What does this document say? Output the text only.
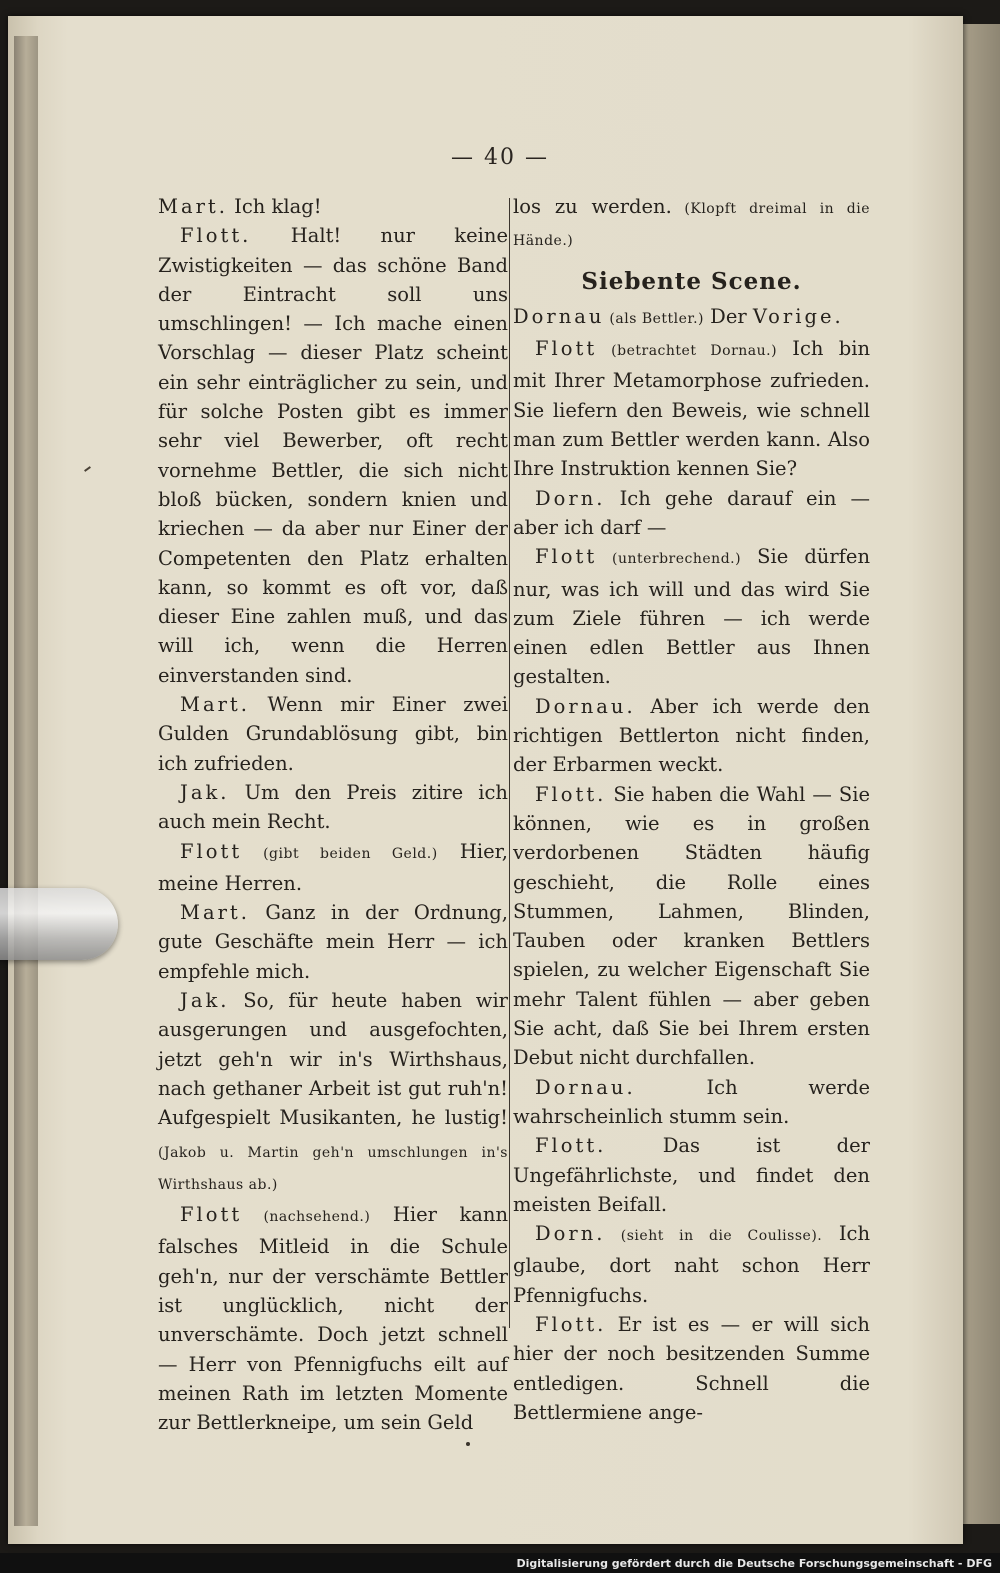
— 40 —

Mart. Ich klag!

Flott. Halt! nur keine Zwistigkeiten — das schöne Band der Eintracht soll uns umschlingen! — Ich mache einen Vorschlag — dieser Platz scheint ein sehr einträglicher zu sein, und für solche Posten gibt es immer sehr viel Bewerber, oft recht vornehme Bettler, die sich nicht bloß bücken, sondern knien und kriechen — da aber nur Einer der Competenten den Platz erhalten kann, so kommt es oft vor, daß dieser Eine zahlen muß, und das will ich, wenn die Herren einverstanden sind.

Mart. Wenn mir Einer zwei Gulden Grundablösung gibt, bin ich zufrieden.

Jak. Um den Preis zitire ich auch mein Recht.

Flott (gibt beiden Geld.) Hier, meine Herren.

Mart. Ganz in der Ordnung, gute Geschäfte mein Herr — ich empfehle mich.

Jak. So, für heute haben wir ausgerungen und ausgefochten, jetzt geh'n wir in's Wirthshaus, nach gethaner Arbeit ist gut ruh'n! Aufgespielt Musikanten, he lustig! (Jakob u. Martin geh'n umschlungen in's Wirthshaus ab.)

Flott (nachsehend.) Hier kann falsches Mitleid in die Schule geh'n, nur der verschämte Bettler ist unglücklich, nicht der unverschämte. Doch jetzt schnell — Herr von Pfennigfuchs eilt auf meinen Rath im letzten Momente zur Bettlerkneipe, um sein Geld

los zu werden. (Klopft dreimal in die Hände.)

Siebente Scene.

Dornau (als Bettler.) Der Vorige.

Flott (betrachtet Dornau.) Ich bin mit Ihrer Metamorphose zufrieden. Sie liefern den Beweis, wie schnell man zum Bettler werden kann. Also Ihre Instruktion kennen Sie?

Dorn. Ich gehe darauf ein — aber ich darf —

Flott (unterbrechend.) Sie dürfen nur, was ich will und das wird Sie zum Ziele führen — ich werde einen edlen Bettler aus Ihnen gestalten.

Dornau. Aber ich werde den richtigen Bettlerton nicht finden, der Erbarmen weckt.

Flott. Sie haben die Wahl — Sie können, wie es in großen verdorbenen Städten häufig geschieht, die Rolle eines Stummen, Lahmen, Blinden, Tauben oder kranken Bettlers spielen, zu welcher Eigenschaft Sie mehr Talent fühlen — aber geben Sie acht, daß Sie bei Ihrem ersten Debut nicht durchfallen.

Dornau. Ich werde wahrscheinlich stumm sein.

Flott. Das ist der Ungefährlichste, und findet den meisten Beifall.

Dorn. (sieht in die Coulisse). Ich glaube, dort naht schon Herr Pfennigfuchs.

Flott. Er ist es — er will sich hier der noch besitzenden Summe entledigen. Schnell die Bettlermiene ange-

Digitalisierung gefördert durch die Deutsche Forschungsgemeinschaft - DFG
